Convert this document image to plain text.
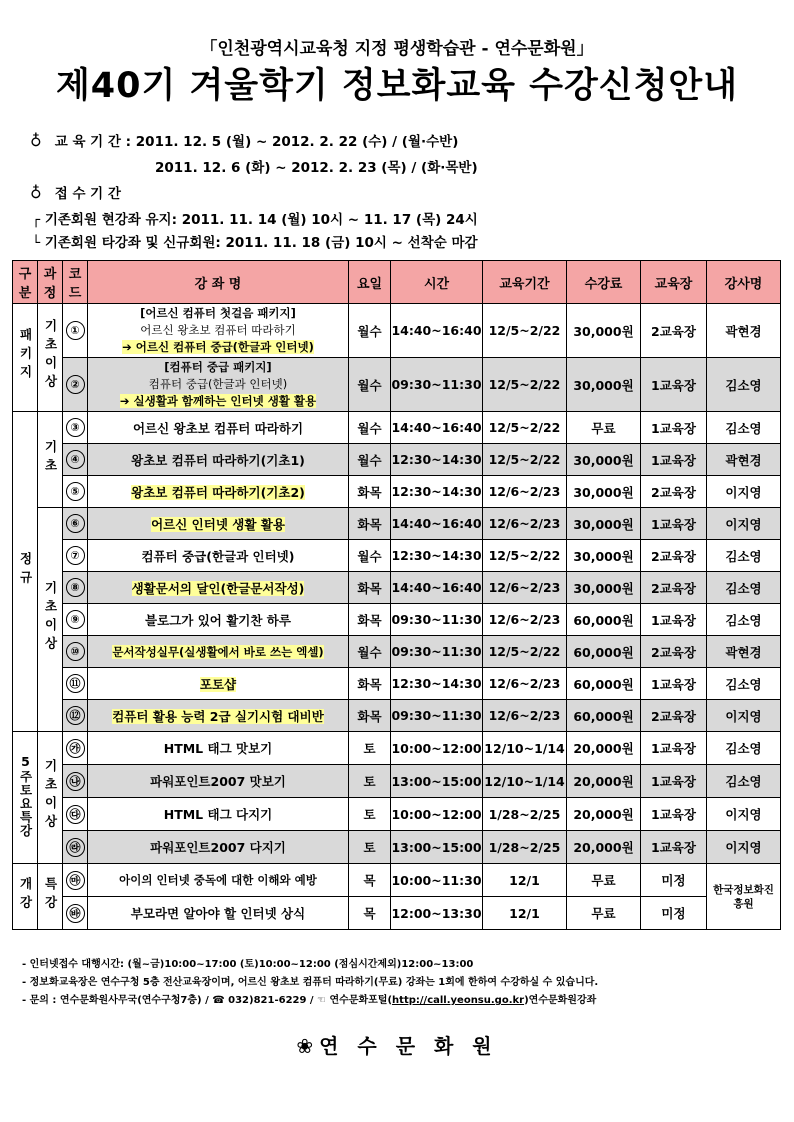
「인천광역시교육청 지정 평생학습관 - 연수문화원」
제40기 겨울학기 정보화교육 수강신청안내
♁ 교 육 기 간 : 2011. 12. 5 (월) ~ 2012. 2. 22 (수) / (월·수반)
2011. 12. 6 (화) ~ 2012. 2. 23 (목) / (화·목반)
♁ 접 수 기 간
┌ 기존회원 현강좌 유지: 2011. 11. 14 (월) 10시 ~ 11. 17 (목) 24시
└ 기존회원 타강좌 및 신규회원: 2011. 11. 18 (금) 10시 ~ 선착순 마감
구분	과정	코드	강 좌 명	요일	시간	교육기간	수강료	교육장	강사명
패키지	기초이상	①	[어르신 컴퓨터 첫걸음 패키지]
어르신 왕초보 컴퓨터 따라하기
➔ 어르신 컴퓨터 중급(한글과 인터넷)	월수	14:40~16:40	12/5~2/22	30,000원	2교육장	곽현경
		②	[컴퓨터 중급 패키지]
컴퓨터 중급(한글과 인터넷)
➔ 실생활과 함께하는 인터넷 생활 활용	월수	09:30~11:30	12/5~2/22	30,000원	1교육장	김소영
정규	기초	③	어르신 왕초보 컴퓨터 따라하기	월수	14:40~16:40	12/5~2/22	무료	1교육장	김소영
		④	왕초보 컴퓨터 따라하기(기초1)	월수	12:30~14:30	12/5~2/22	30,000원	1교육장	곽현경
		⑤	왕초보 컴퓨터 따라하기(기초2)	화목	12:30~14:30	12/6~2/23	30,000원	2교육장	이지영
	기초이상	⑥	어르신 인터넷 생활 활용	화목	14:40~16:40	12/6~2/23	30,000원	1교육장	이지영
		⑦	컴퓨터 중급(한글과 인터넷)	월수	12:30~14:30	12/5~2/22	30,000원	2교육장	김소영
		⑧	생활문서의 달인(한글문서작성)	화목	14:40~16:40	12/6~2/23	30,000원	2교육장	김소영
		⑨	블로그가 있어 활기찬 하루	화목	09:30~11:30	12/6~2/23	60,000원	1교육장	김소영
		⑩	문서작성실무(실생활에서 바로 쓰는 엑셀)	월수	09:30~11:30	12/5~2/22	60,000원	2교육장	곽현경
		⑪	포토샵	화목	12:30~14:30	12/6~2/23	60,000원	1교육장	김소영
		⑫	컴퓨터 활용 능력 2급 실기시험 대비반	화목	09:30~11:30	12/6~2/23	60,000원	2교육장	이지영
5주토요특강	기초이상	㉮	HTML 태그 맛보기	토	10:00~12:00	12/10~1/14	20,000원	1교육장	김소영
		㉯	파워포인트2007 맛보기	토	13:00~15:00	12/10~1/14	20,000원	1교육장	김소영
		㉰	HTML 태그 다지기	토	10:00~12:00	1/28~2/25	20,000원	1교육장	이지영
		㉱	파워포인트2007 다지기	토	13:00~15:00	1/28~2/25	20,000원	1교육장	이지영
개강	특강	㉲	아이의 인터넷 중독에 대한 이해와 예방	목	10:00~11:30	12/1	무료	미정	한국정보화진흥원

		㉳	부모라면 알아야 할 인터넷 상식	목	12:00~13:30	12/1	무료	미정	
- 인터넷접수 대행시간: (월~금)10:00~17:00 (토)10:00~12:00 (점심시간제외)12:00~13:00
- 정보화교육장은 연수구청 5층 전산교육장이며, 어르신 왕초보 컴퓨터 따라하기(무료) 강좌는 1회에 한하여 수강하실 수 있습니다.
- 문의 : 연수문화원사무국(연수구청7층) / ☎ 032)821-6229 / ☜ 연수문화포털(http://call.yeonsu.go.kr)연수문화원강좌
❀연 수 문 화 원
